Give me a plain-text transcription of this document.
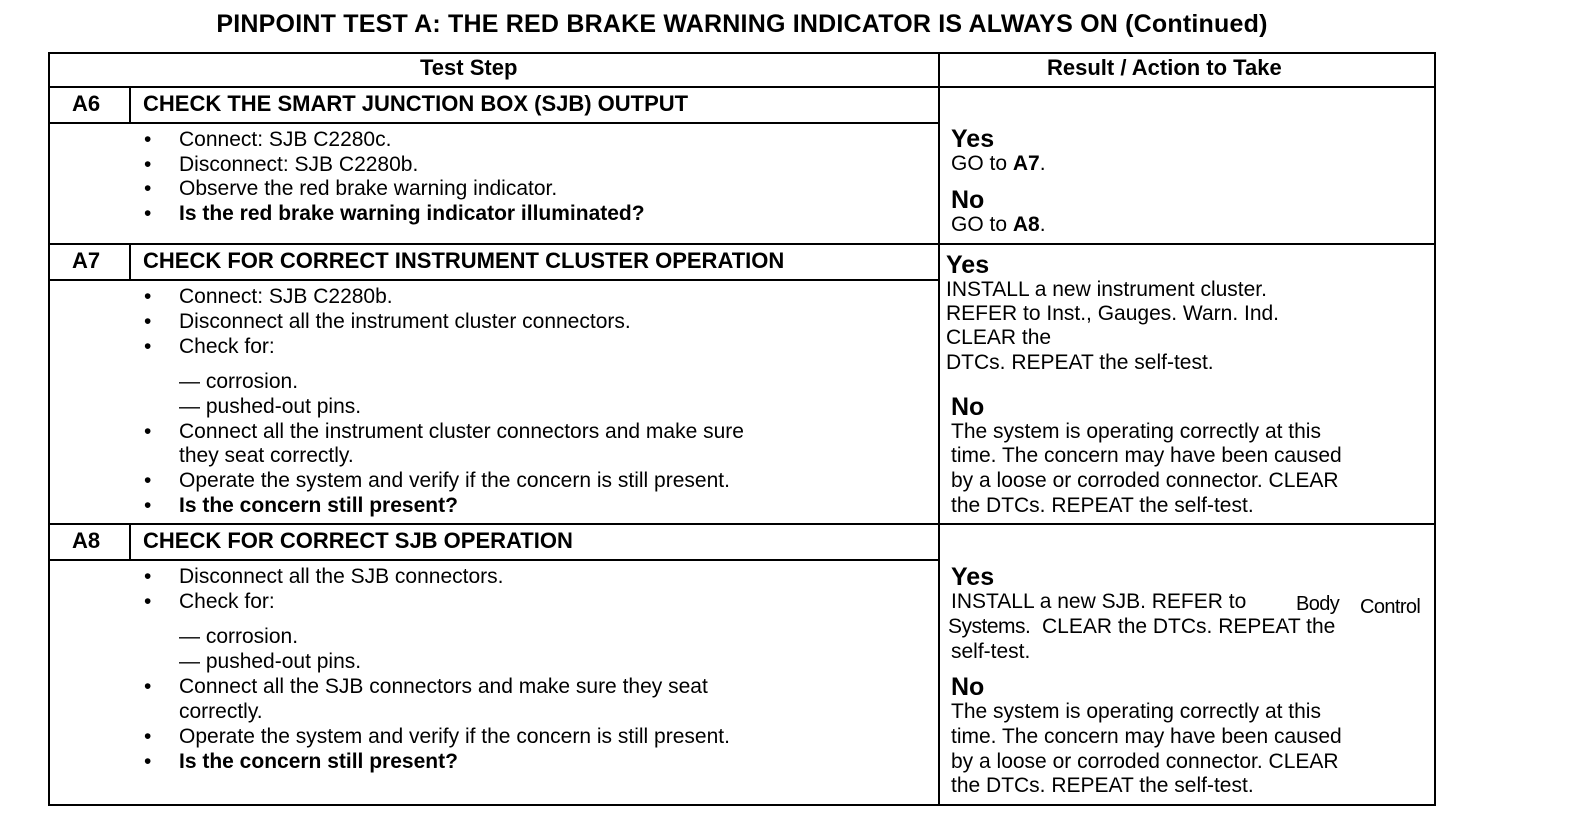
PINPOINT TEST A: THE RED BRAKE WARNING INDICATOR IS ALWAYS ON (Continued)
Test Step	Result / Action to Take
A6 CHECK THE SMART JUNCTION BOX (SJB) OUTPUT
• Connect: SJB C2280c.
• Disconnect: SJB C2280b.
• Observe the red brake warning indicator.
• Is the red brake warning indicator illuminated?
Yes
GO to A7.
No
GO to A8.
A7 CHECK FOR CORRECT INSTRUMENT CLUSTER OPERATION
• Connect: SJB C2280b.
• Disconnect all the instrument cluster connectors.
• Check for:
— corrosion.
— pushed-out pins.
• Connect all the instrument cluster connectors and make sure
they seat correctly.
• Operate the system and verify if the concern is still present.
• Is the concern still present?
Yes
INSTALL a new instrument cluster.
REFER to Inst., Gauges. Warn. Ind.
CLEAR the
DTCs. REPEAT the self-test.
No
The system is operating correctly at this
time. The concern may have been caused
by a loose or corroded connector. CLEAR
the DTCs. REPEAT the self-test.
A8 CHECK FOR CORRECT SJB OPERATION
• Disconnect all the SJB connectors.
• Check for:
— corrosion.
— pushed-out pins.
• Connect all the SJB connectors and make sure they seat
correctly.
• Operate the system and verify if the concern is still present.
• Is the concern still present?
Yes
INSTALL a new SJB. REFER to Body Control
Systems. CLEAR the DTCs. REPEAT the
self-test.
No
The system is operating correctly at this
time. The concern may have been caused
by a loose or corroded connector. CLEAR
the DTCs. REPEAT the self-test.
